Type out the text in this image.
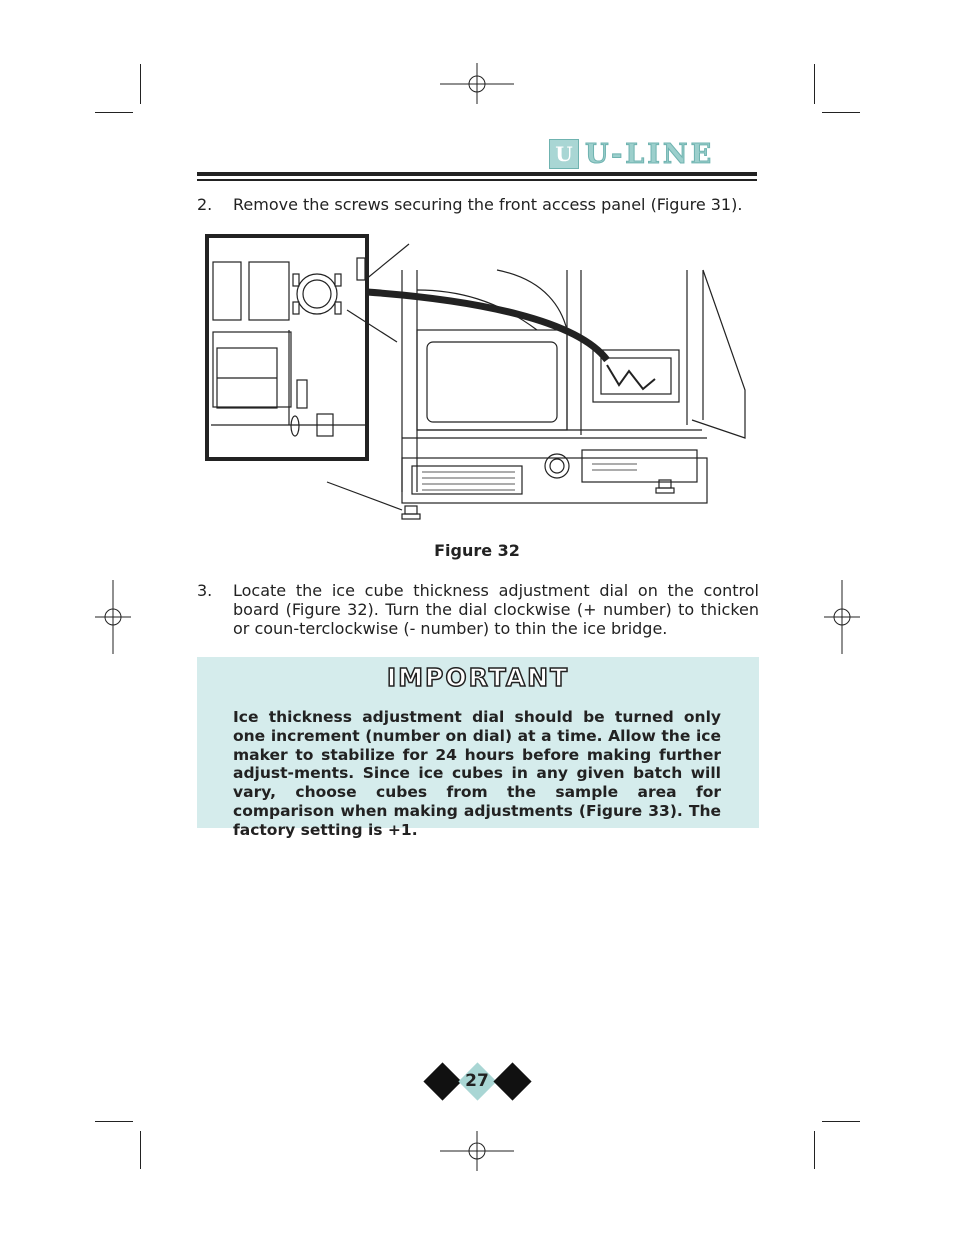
U U-LINE
2.	Remove the screws securing the front access panel (Figure 31).
Figure 32
3.	Locate the ice cube thickness adjustment dial on the control board (Figure 32). Turn the dial clockwise (+ number) to thicken or coun-terclockwise (- number) to thin the ice bridge.
IMPORTANT
Ice thickness adjustment dial should be turned only one increment (number on dial) at a time. Allow the ice maker to stabilize for 24 hours before making further adjust-ments. Since ice cubes in any given batch will vary, choose cubes from the sample area for comparison when making adjustments (Figure 33). The factory setting is +1.
27
